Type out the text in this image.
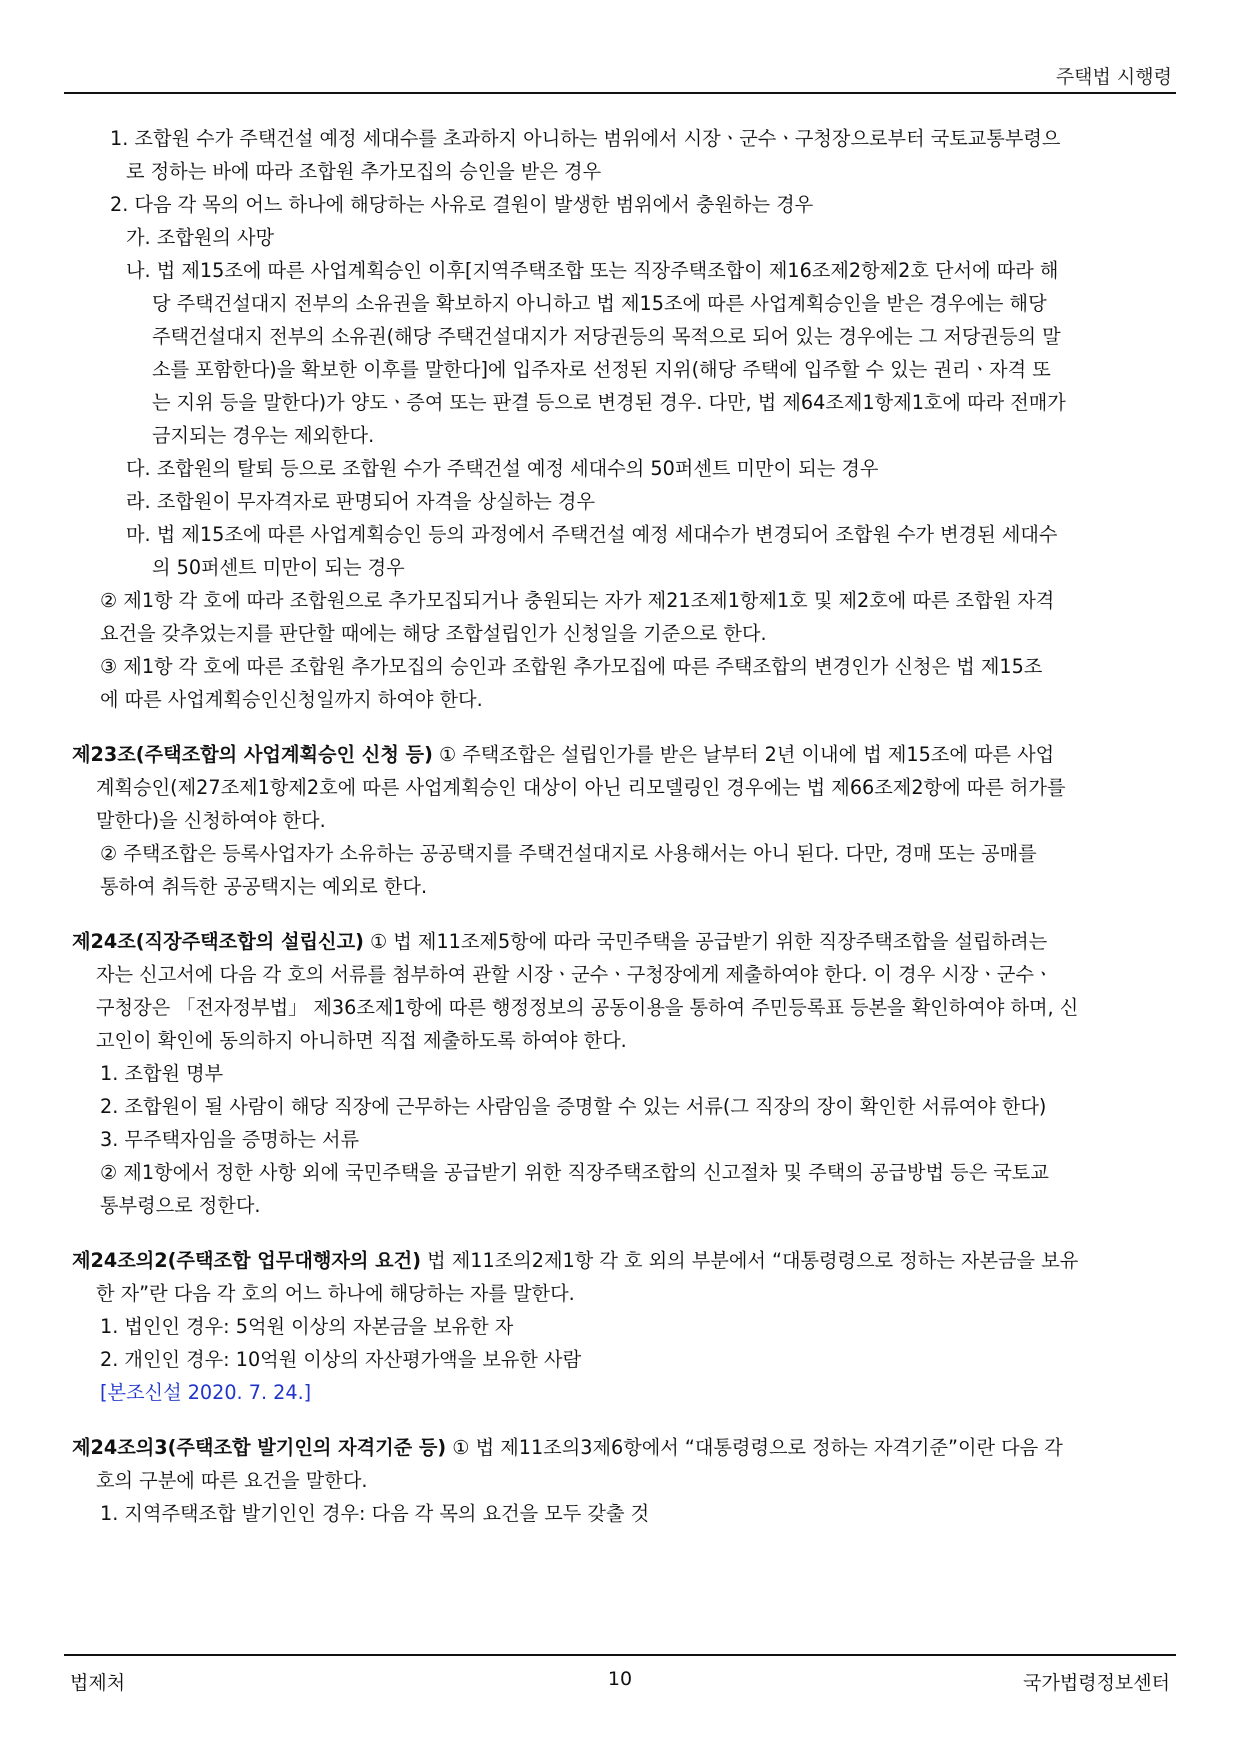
주택법 시행령
1. 조합원 수가 주택건설 예정 세대수를 초과하지 아니하는 범위에서 시장ㆍ군수ㆍ구청장으로부터 국토교통부령으
로 정하는 바에 따라 조합원 추가모집의 승인을 받은 경우
2. 다음 각 목의 어느 하나에 해당하는 사유로 결원이 발생한 범위에서 충원하는 경우
가. 조합원의 사망
나. 법 제15조에 따른 사업계획승인 이후[지역주택조합 또는 직장주택조합이 제16조제2항제2호 단서에 따라 해
당 주택건설대지 전부의 소유권을 확보하지 아니하고 법 제15조에 따른 사업계획승인을 받은 경우에는 해당
주택건설대지 전부의 소유권(해당 주택건설대지가 저당권등의 목적으로 되어 있는 경우에는 그 저당권등의 말
소를 포함한다)을 확보한 이후를 말한다]에 입주자로 선정된 지위(해당 주택에 입주할 수 있는 권리ㆍ자격 또
는 지위 등을 말한다)가 양도ㆍ증여 또는 판결 등으로 변경된 경우. 다만, 법 제64조제1항제1호에 따라 전매가
금지되는 경우는 제외한다.
다. 조합원의 탈퇴 등으로 조합원 수가 주택건설 예정 세대수의 50퍼센트 미만이 되는 경우
라. 조합원이 무자격자로 판명되어 자격을 상실하는 경우
마. 법 제15조에 따른 사업계획승인 등의 과정에서 주택건설 예정 세대수가 변경되어 조합원 수가 변경된 세대수
의 50퍼센트 미만이 되는 경우
② 제1항 각 호에 따라 조합원으로 추가모집되거나 충원되는 자가 제21조제1항제1호 및 제2호에 따른 조합원 자격
요건을 갖추었는지를 판단할 때에는 해당 조합설립인가 신청일을 기준으로 한다.
③ 제1항 각 호에 따른 조합원 추가모집의 승인과 조합원 추가모집에 따른 주택조합의 변경인가 신청은 법 제15조
에 따른 사업계획승인신청일까지 하여야 한다.
제23조(주택조합의 사업계획승인 신청 등) ① 주택조합은 설립인가를 받은 날부터 2년 이내에 법 제15조에 따른 사업
계획승인(제27조제1항제2호에 따른 사업계획승인 대상이 아닌 리모델링인 경우에는 법 제66조제2항에 따른 허가를
말한다)을 신청하여야 한다.
② 주택조합은 등록사업자가 소유하는 공공택지를 주택건설대지로 사용해서는 아니 된다. 다만, 경매 또는 공매를
통하여 취득한 공공택지는 예외로 한다.
제24조(직장주택조합의 설립신고) ① 법 제11조제5항에 따라 국민주택을 공급받기 위한 직장주택조합을 설립하려는
자는 신고서에 다음 각 호의 서류를 첨부하여 관할 시장ㆍ군수ㆍ구청장에게 제출하여야 한다. 이 경우 시장ㆍ군수ㆍ
구청장은 「전자정부법」 제36조제1항에 따른 행정정보의 공동이용을 통하여 주민등록표 등본을 확인하여야 하며, 신
고인이 확인에 동의하지 아니하면 직접 제출하도록 하여야 한다.
1. 조합원 명부
2. 조합원이 될 사람이 해당 직장에 근무하는 사람임을 증명할 수 있는 서류(그 직장의 장이 확인한 서류여야 한다)
3. 무주택자임을 증명하는 서류
② 제1항에서 정한 사항 외에 국민주택을 공급받기 위한 직장주택조합의 신고절차 및 주택의 공급방법 등은 국토교
통부령으로 정한다.
제24조의2(주택조합 업무대행자의 요건) 법 제11조의2제1항 각 호 외의 부분에서 “대통령령으로 정하는 자본금을 보유
한 자”란 다음 각 호의 어느 하나에 해당하는 자를 말한다.
1. 법인인 경우: 5억원 이상의 자본금을 보유한 자
2. 개인인 경우: 10억원 이상의 자산평가액을 보유한 사람
[본조신설 2020. 7. 24.]
제24조의3(주택조합 발기인의 자격기준 등) ① 법 제11조의3제6항에서 “대통령령으로 정하는 자격기준”이란 다음 각
호의 구분에 따른 요건을 말한다.
1. 지역주택조합 발기인인 경우: 다음 각 목의 요건을 모두 갖출 것
법제처	10	국가법령정보센터
